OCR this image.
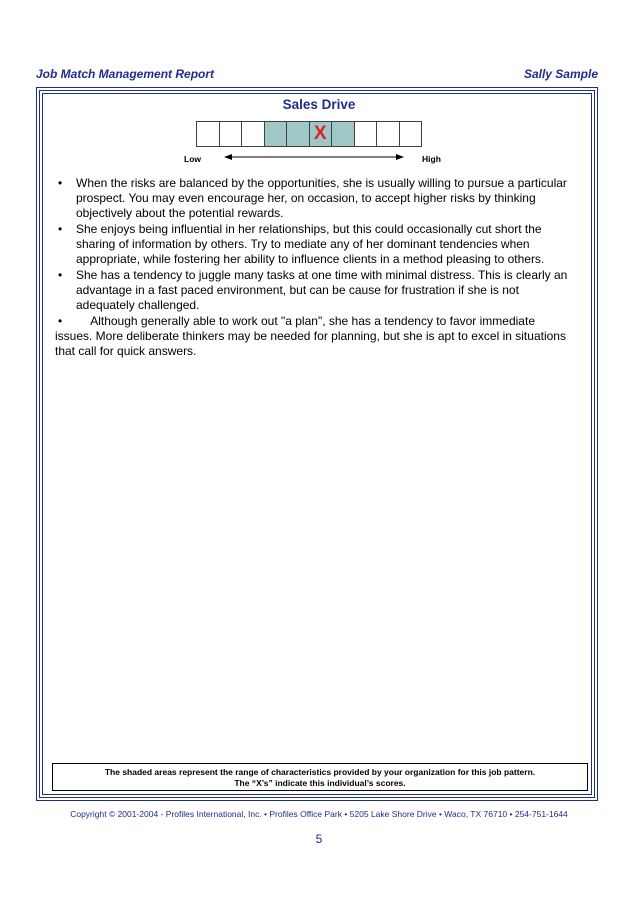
Job Match Management Report	Sally Sample
Sales Drive
X
Low	High
• When the risks are balanced by the opportunities, she is usually willing to pursue a particular prospect. You may even encourage her, on occasion, to accept higher risks by thinking objectively about the potential rewards.
• She enjoys being influential in her relationships, but this could occasionally cut short the sharing of information by others. Try to mediate any of her dominant tendencies when appropriate, while fostering her ability to influence clients in a method pleasing to others.
• She has a tendency to juggle many tasks at one time with minimal distress. This is clearly an advantage in a fast paced environment, but can be cause for frustration if she is not adequately challenged.
• Although generally able to work out "a plan", she has a tendency to favor immediate issues. More deliberate thinkers may be needed for planning, but she is apt to excel in situations that call for quick answers.
The shaded areas represent the range of characteristics provided by your organization for this job pattern.
The “X’s” indicate this individual’s scores.
Copyright © 2001-2004 - Profiles International, Inc. • Profiles Office Park • 5205 Lake Shore Drive • Waco, TX 76710 • 254-751-1644
5
